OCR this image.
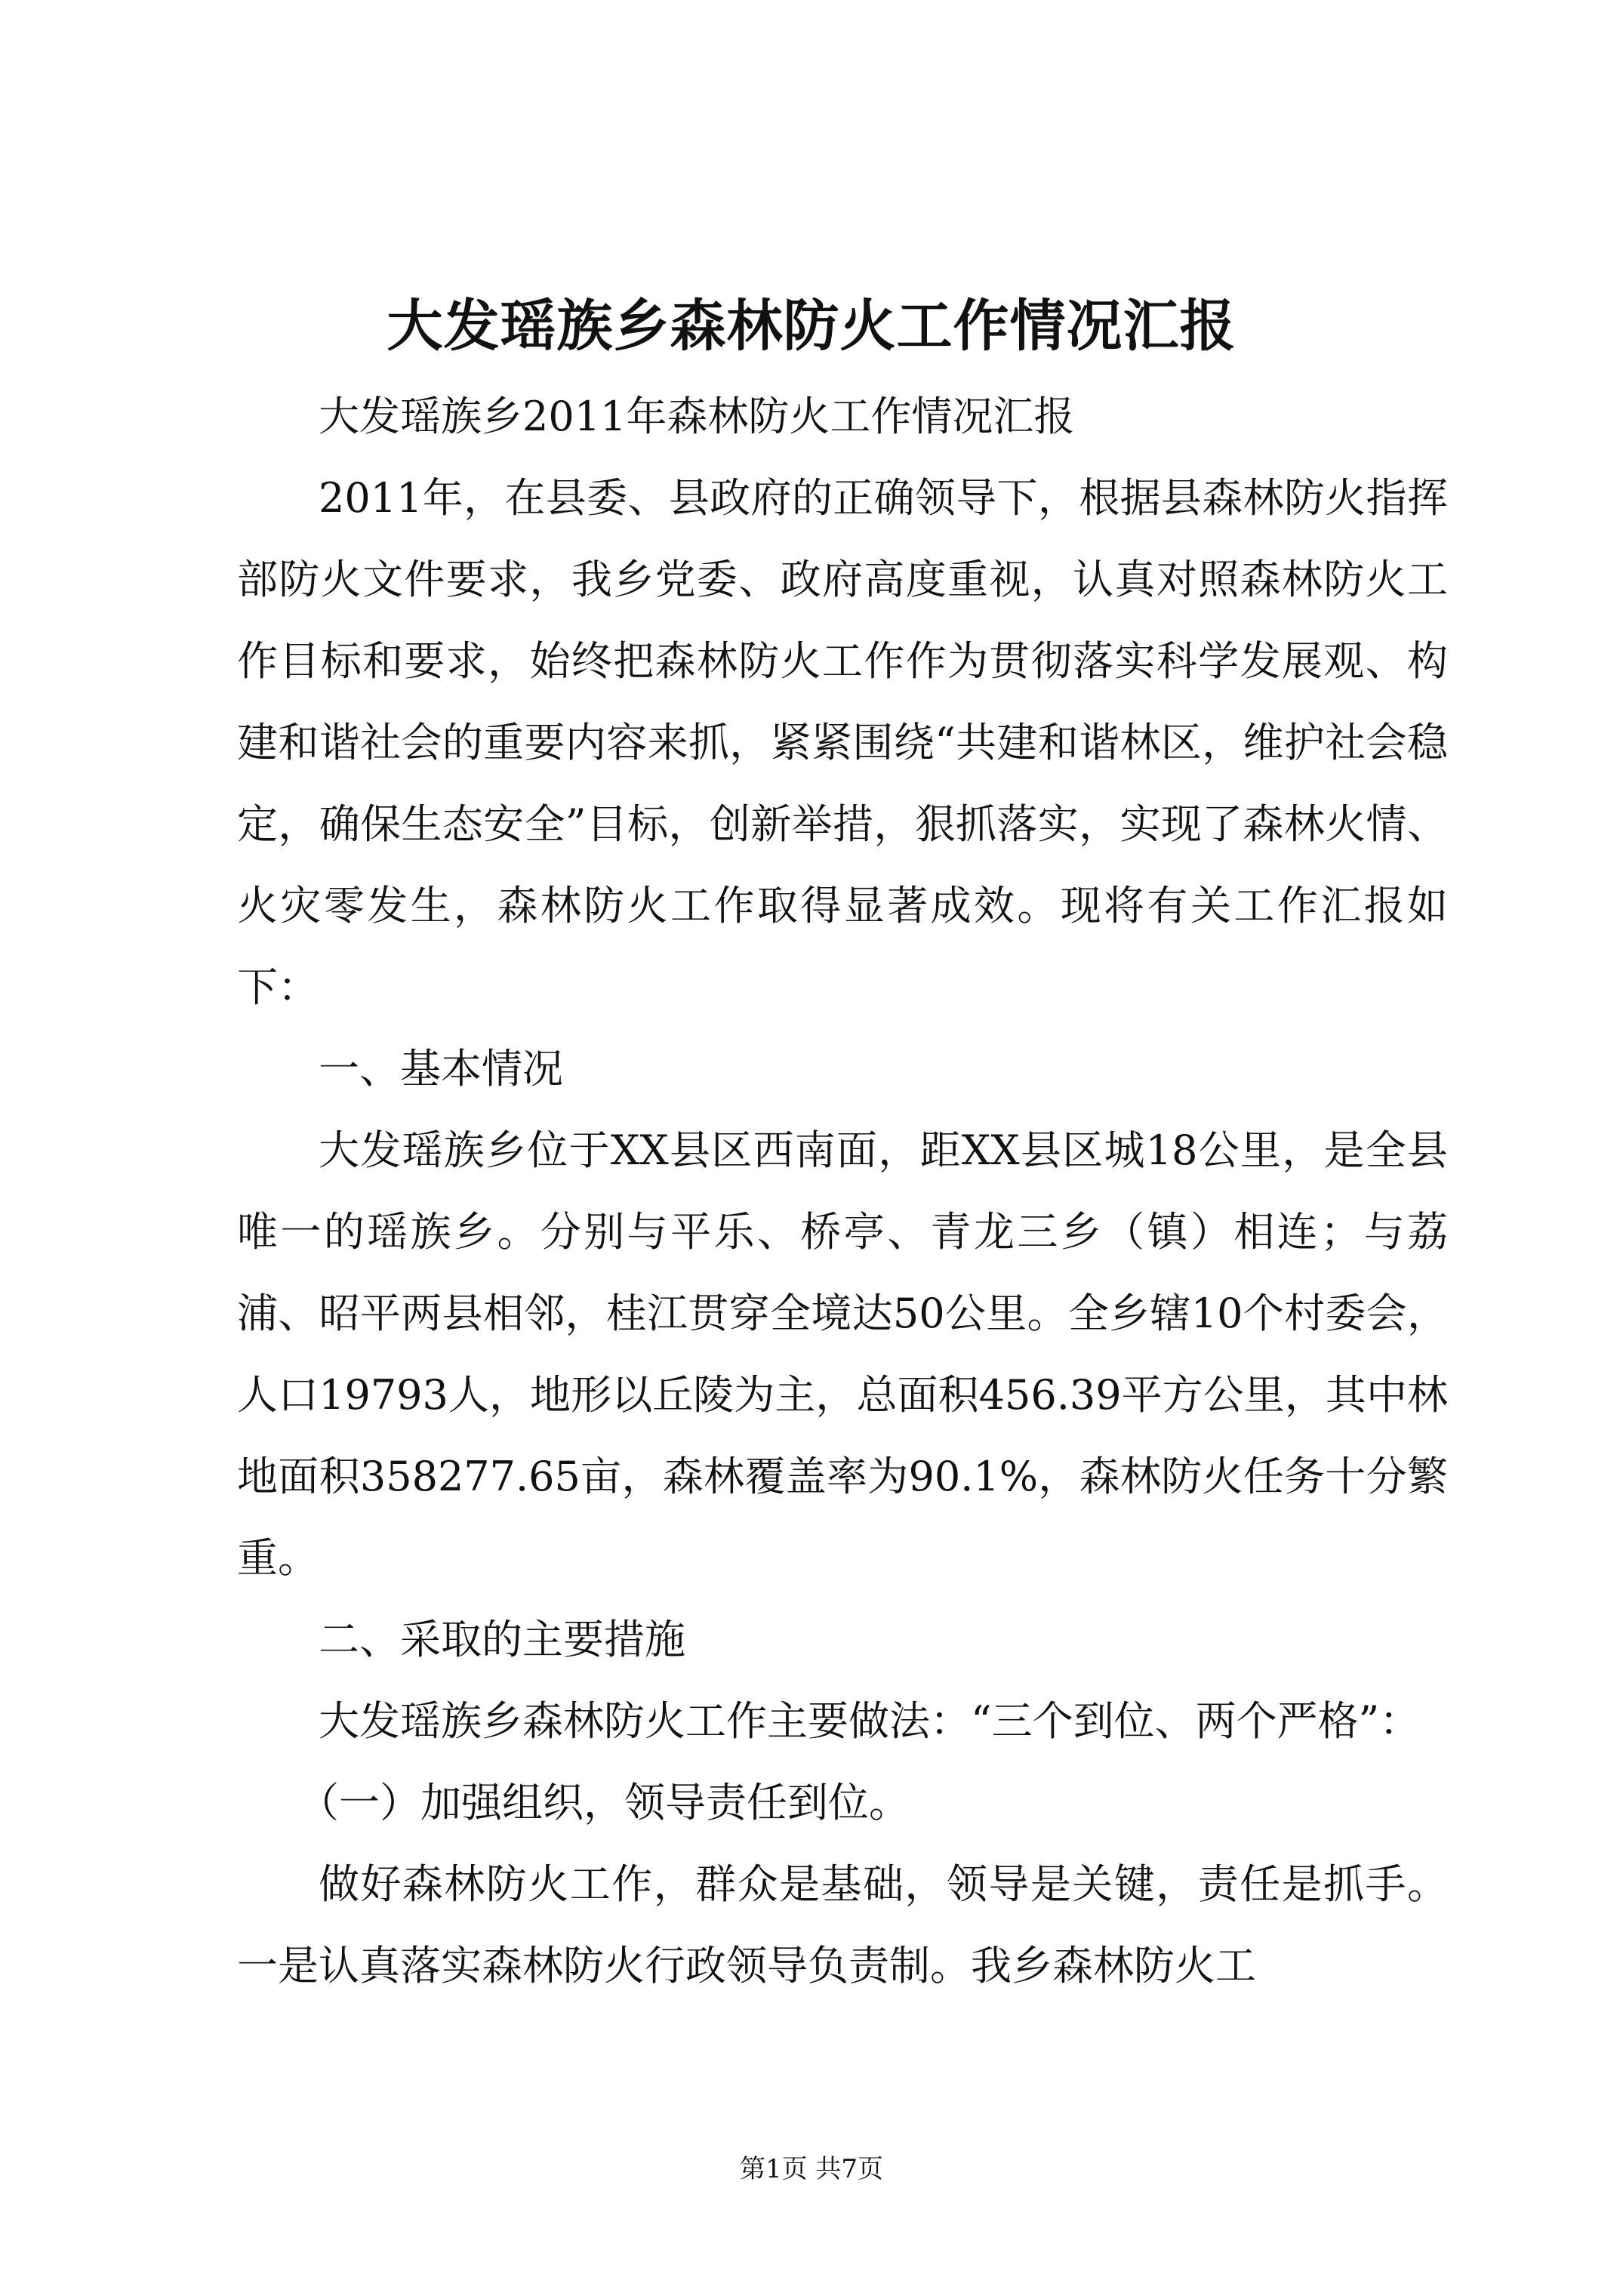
大发瑶族乡森林防火工作情况汇报

大发瑶族乡2011年森林防火工作情况汇报

2011年，在县委、县政府的正确领导下，根据县森林防火指挥部防火文件要求，我乡党委、政府高度重视，认真对照森林防火工作目标和要求，始终把森林防火工作作为贯彻落实科学发展观、构建和谐社会的重要内容来抓，紧紧围绕“共建和谐林区，维护社会稳定，确保生态安全”目标，创新举措，狠抓落实，实现了森林火情、火灾零发生，森林防火工作取得显著成效。现将有关工作汇报如下：

一、基本情况

大发瑶族乡位于XX县区西南面，距XX县区城18公里，是全县唯一的瑶族乡。分别与平乐、桥亭、青龙三乡（镇）相连；与荔浦、昭平两县相邻，桂江贯穿全境达50公里。全乡辖10个村委会，人口19793人，地形以丘陵为主，总面积456.39平方公里，其中林地面积358277.65亩，森林覆盖率为90.1%，森林防火任务十分繁重。

二、采取的主要措施

大发瑶族乡森林防火工作主要做法：“三个到位、两个严格”：

（一）加强组织，领导责任到位。

做好森林防火工作，群众是基础，领导是关键，责任是抓手。一是认真落实森林防火行政领导负责制。我乡森林防火工

第1页 共7页
